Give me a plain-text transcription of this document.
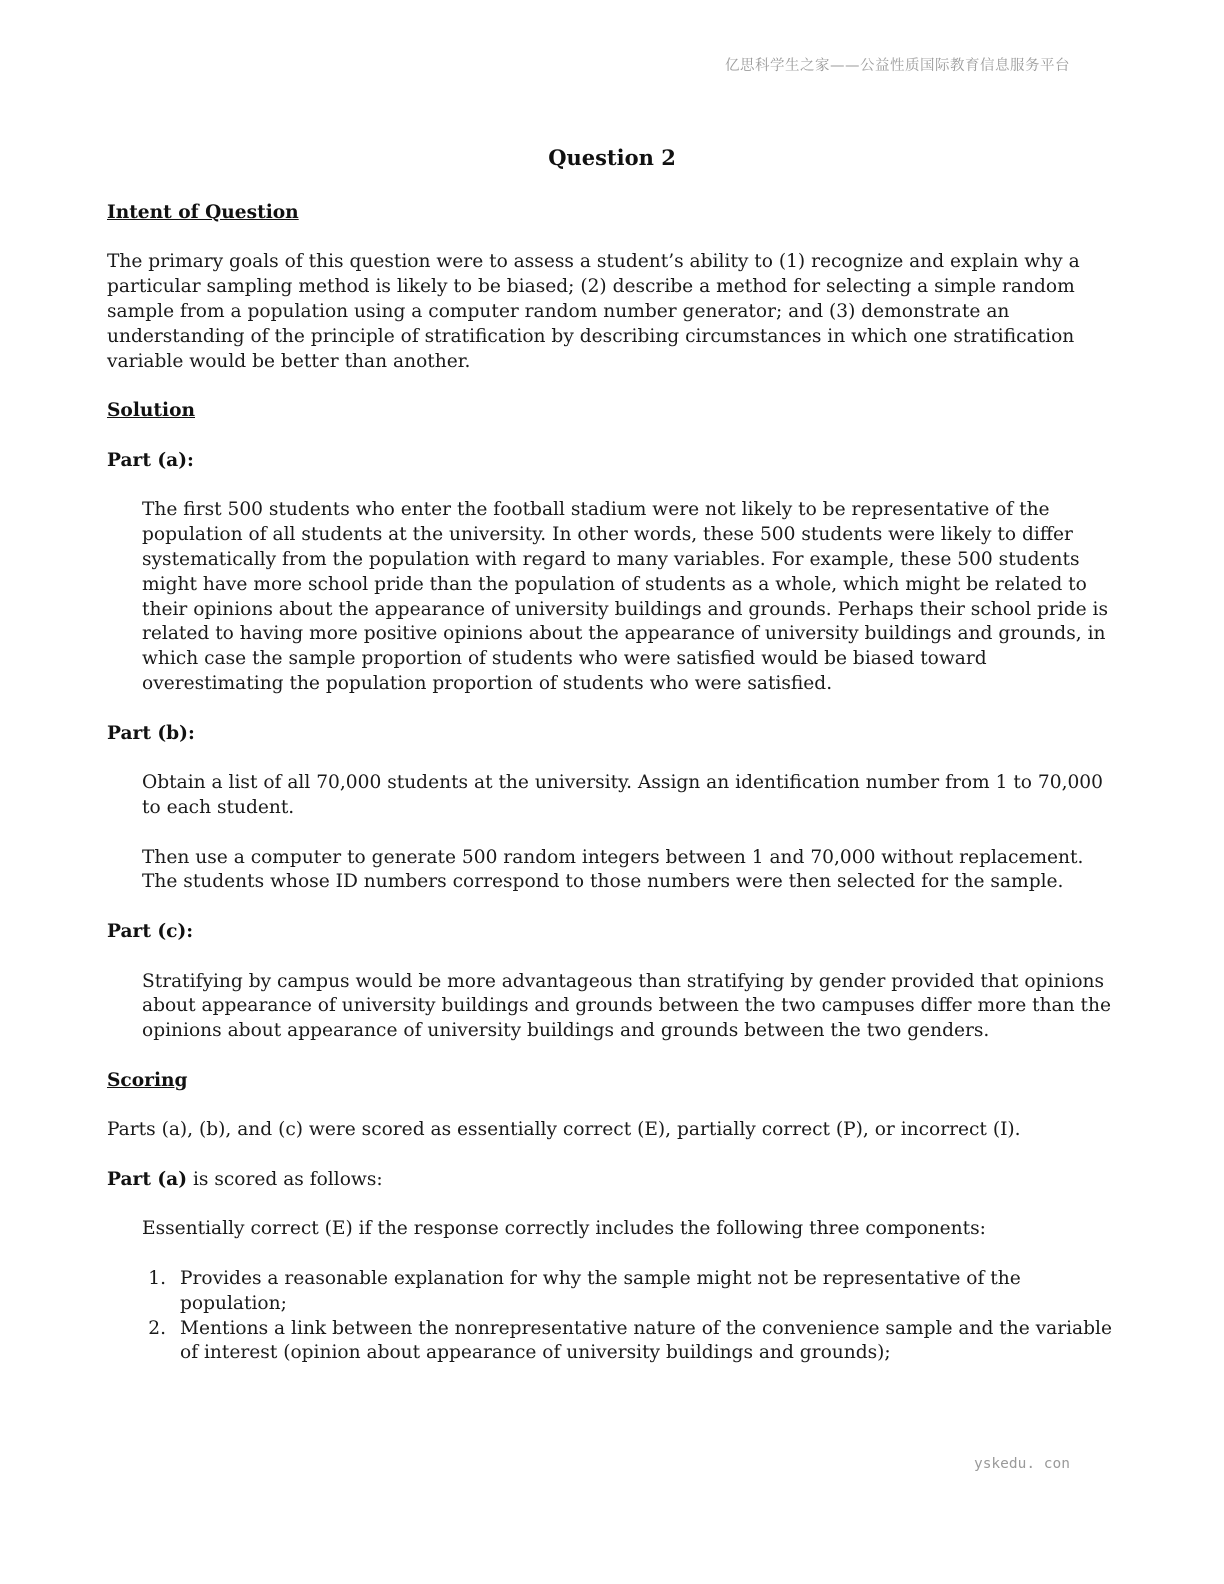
亿思科学生之家——公益性质国际教育信息服务平台

Question 2

Intent of Question

The primary goals of this question were to assess a student’s ability to (1) recognize and explain why a particular sampling method is likely to be biased; (2) describe a method for selecting a simple random sample from a population using a computer random number generator; and (3) demonstrate an understanding of the principle of stratification by describing circumstances in which one stratification variable would be better than another.

Solution

Part (a):

The first 500 students who enter the football stadium were not likely to be representative of the population of all students at the university. In other words, these 500 students were likely to differ systematically from the population with regard to many variables. For example, these 500 students might have more school pride than the population of students as a whole, which might be related to their opinions about the appearance of university buildings and grounds. Perhaps their school pride is related to having more positive opinions about the appearance of university buildings and grounds, in which case the sample proportion of students who were satisfied would be biased toward overestimating the population proportion of students who were satisfied.

Part (b):

Obtain a list of all 70,000 students at the university. Assign an identification number from 1 to 70,000 to each student.

Then use a computer to generate 500 random integers between 1 and 70,000 without replacement. The students whose ID numbers correspond to those numbers were then selected for the sample.

Part (c):

Stratifying by campus would be more advantageous than stratifying by gender provided that opinions about appearance of university buildings and grounds between the two campuses differ more than the opinions about appearance of university buildings and grounds between the two genders.

Scoring

Parts (a), (b), and (c) were scored as essentially correct (E), partially correct (P), or incorrect (I).

Part (a) is scored as follows:

Essentially correct (E) if the response correctly includes the following three components:

1. Provides a reasonable explanation for why the sample might not be representative of the population;
2. Mentions a link between the nonrepresentative nature of the convenience sample and the variable of interest (opinion about appearance of university buildings and grounds);
yskedu. con
